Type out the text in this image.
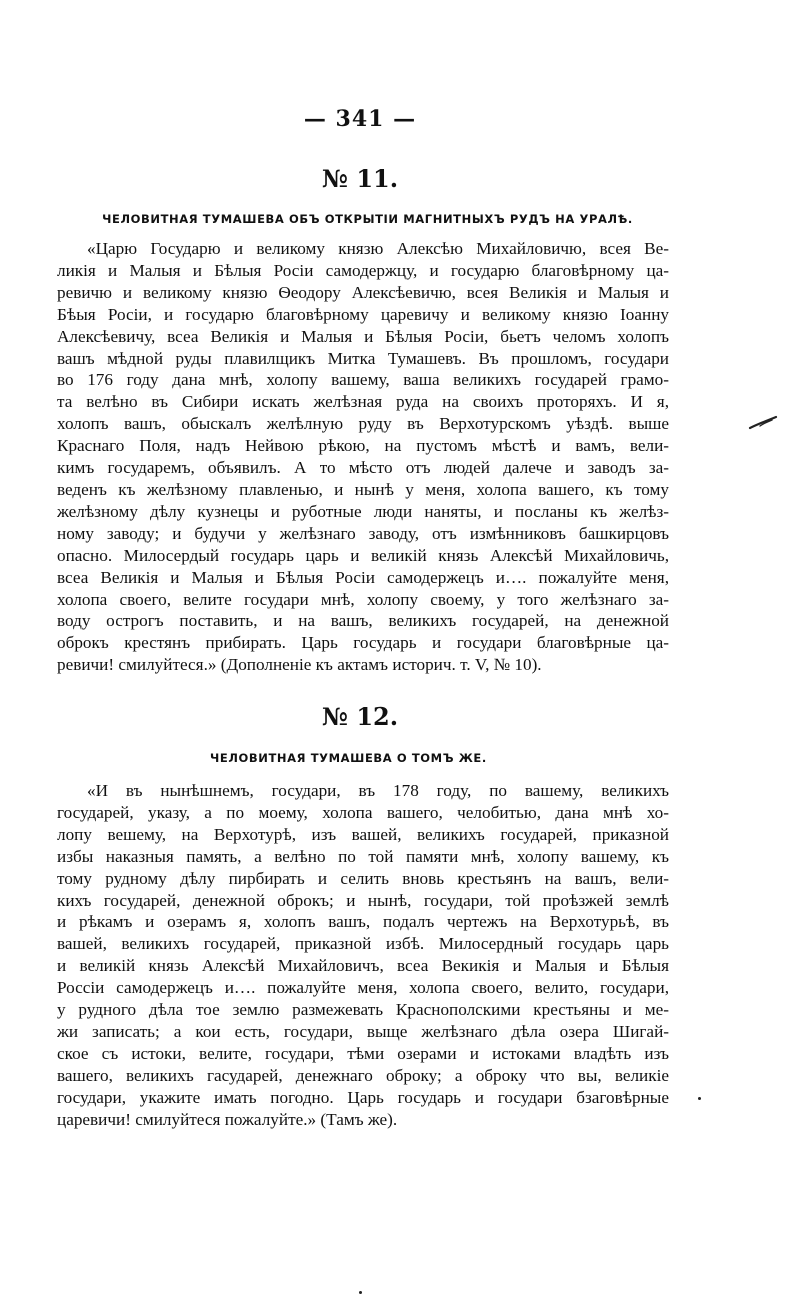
— 341 —
№ 11.
ЧЕЛОВИТНАЯ ТУМАШЕВА ОБЪ ОТКРЫТІИ МАГНИТНЫХЪ РУДЪ НА УРАЛѢ.
«Царю Государю и великому князю Алексѣю Михайловичю, всея Ве-
ликія и Малыя и Бѣлыя Росіи самодержцу, и государю благовѣрному ца-
ревичю и великому князю Ѳеодору Алексѣевичю, всея Великія и Малыя и
Бѣыя Росіи, и государю благовѣрному царевичу и великому князю Іоанну
Алексѣевичу, всеа Великія и Малыя и Бѣлыя Росіи, бьетъ челомъ холопъ
вашъ мѣдной руды плавилщикъ Митка Тумашевъ. Въ прошломъ, государи
во 176 году дана мнѣ, холопу вашему, ваша великихъ государей грамо-
та велѣно въ Сибири искать желѣзная руда на своихъ проторяхъ. И я,
холопъ вашъ, обыскалъ желѣлную руду въ Верхотурскомъ уѣздѣ. выше
Краснаго Поля, надъ Нейвою рѣкою, на пустомъ мѣстѣ и вамъ, вели-
кимъ государемъ, объявилъ. А то мѣсто отъ людей далече и заводъ за-
веденъ къ желѣзному плавленью, и нынѣ у меня, холопа вашего, къ тому
желѣзному дѣлу кузнецы и руботные люди наняты, и посланы къ желѣз-
ному заводу; и будучи у желѣзнаго заводу, отъ измѣнниковъ башкирцовъ
опасно. Милосердый государь царь и великій князь Алексѣй Михайловичь,
всеа Великія и Малыя и Бѣлыя Росіи самодержецъ и…. пожалуйте меня,
холопа своего, велите государи мнѣ, холопу своему, у того желѣзнаго за-
воду острогъ поставить, и на вашъ, великихъ государей, на денежной
оброкъ крестянъ прибирать. Царь государь и государи благовѣрные ца-
ревичи! смилуйтеся.» (Дополненіе къ актамъ историч. т. V, № 10).
№ 12.
ЧЕЛОВИТНАЯ ТУМАШЕВА О ТОМЪ ЖЕ.
«И въ нынѣшнемъ, государи, въ 178 году, по вашему, великихъ
государей, указу, а по моему, холопа вашего, челобитью, дана мнѣ хо-
лопу вешему, на Верхотурѣ, изъ вашей, великихъ государей, приказной
избы наказныя память, а велѣно по той памяти мнѣ, холопу вашему, къ
тому рудному дѣлу пирбирать и селить вновь крестьянъ на вашъ, вели-
кихъ государей, денежной оброкъ; и нынѣ, государи, той проѣзжей землѣ
и рѣкамъ и озерамъ я, холопъ вашъ, подалъ чертежъ на Верхотурьѣ, въ
вашей, великихъ государей, приказной избѣ. Милосердный государь царь
и великій князь Алексѣй Михайловичъ, всеа Векикія и Малыя и Бѣлыя
Россіи самодержецъ и…. пожалуйте меня, холопа своего, велито, государи,
у рудного дѣла тое землю размежевать Краснополскими крестьяны и ме-
жи записать; а кои есть, государи, выще желѣзнаго дѣла озера Шигай-
ское съ истоки, велите, государи, тѣми озерами и истоками владѣть изъ
вашего, великихъ гасударей, денежнаго оброку; а оброку что вы, великіе
государи, укажите имать погодно. Царь государь и государи бзаговѣрные
царевичи! смилуйтеся пожалуйте.» (Тамъ же).
